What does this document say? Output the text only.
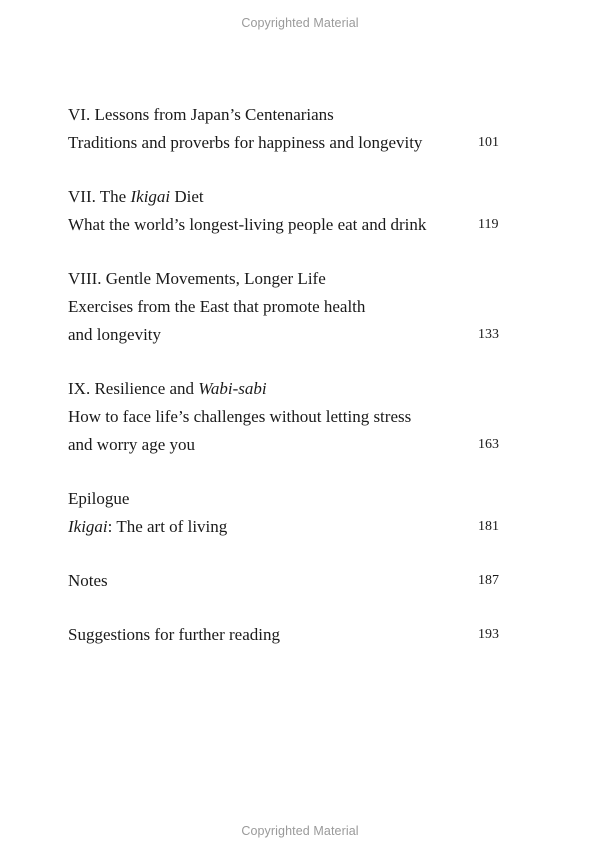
Copyrighted Material
VI. Lessons from Japan’s Centenarians
Traditions and proverbs for happiness and longevity	101
VII. The Ikigai Diet
What the world’s longest-living people eat and drink	119
VIII. Gentle Movements, Longer Life
Exercises from the East that promote health
and longevity	133
IX. Resilience and Wabi-sabi
How to face life’s challenges without letting stress
and worry age you	163
Epilogue
Ikigai: The art of living	181
Notes	187
Suggestions for further reading	193
Copyrighted Material
